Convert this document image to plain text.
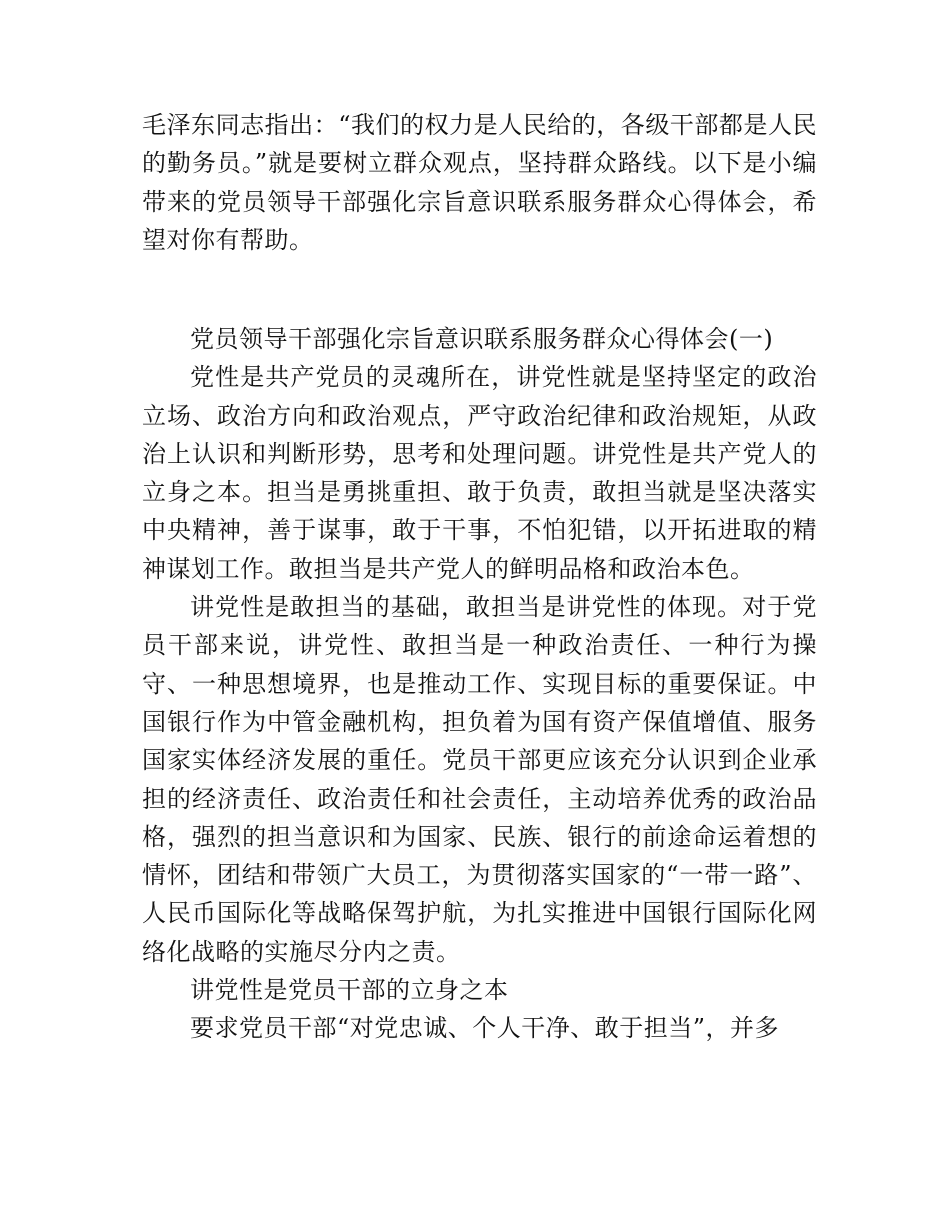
毛泽东同志指出：“我们的权力是人民给的，各级干部都是人民的勤务员。”就是要树立群众观点，坚持群众路线。以下是小编带来的党员领导干部强化宗旨意识联系服务群众心得体会，希望对你有帮助。

党员领导干部强化宗旨意识联系服务群众心得体会(一)

党性是共产党员的灵魂所在，讲党性就是坚持坚定的政治立场、政治方向和政治观点，严守政治纪律和政治规矩，从政治上认识和判断形势，思考和处理问题。讲党性是共产党人的立身之本。担当是勇挑重担、敢于负责，敢担当就是坚决落实中央精神，善于谋事，敢于干事，不怕犯错，以开拓进取的精神谋划工作。敢担当是共产党人的鲜明品格和政治本色。

讲党性是敢担当的基础，敢担当是讲党性的体现。对于党员干部来说，讲党性、敢担当是一种政治责任、一种行为操守、一种思想境界，也是推动工作、实现目标的重要保证。中国银行作为中管金融机构，担负着为国有资产保值增值、服务国家实体经济发展的重任。党员干部更应该充分认识到企业承担的经济责任、政治责任和社会责任，主动培养优秀的政治品格，强烈的担当意识和为国家、民族、银行的前途命运着想的情怀，团结和带领广大员工，为贯彻落实国家的“一带一路”、人民币国际化等战略保驾护航，为扎实推进中国银行国际化网络化战略的实施尽分内之责。

讲党性是党员干部的立身之本

要求党员干部“对党忠诚、个人干净、敢于担当”，并多
